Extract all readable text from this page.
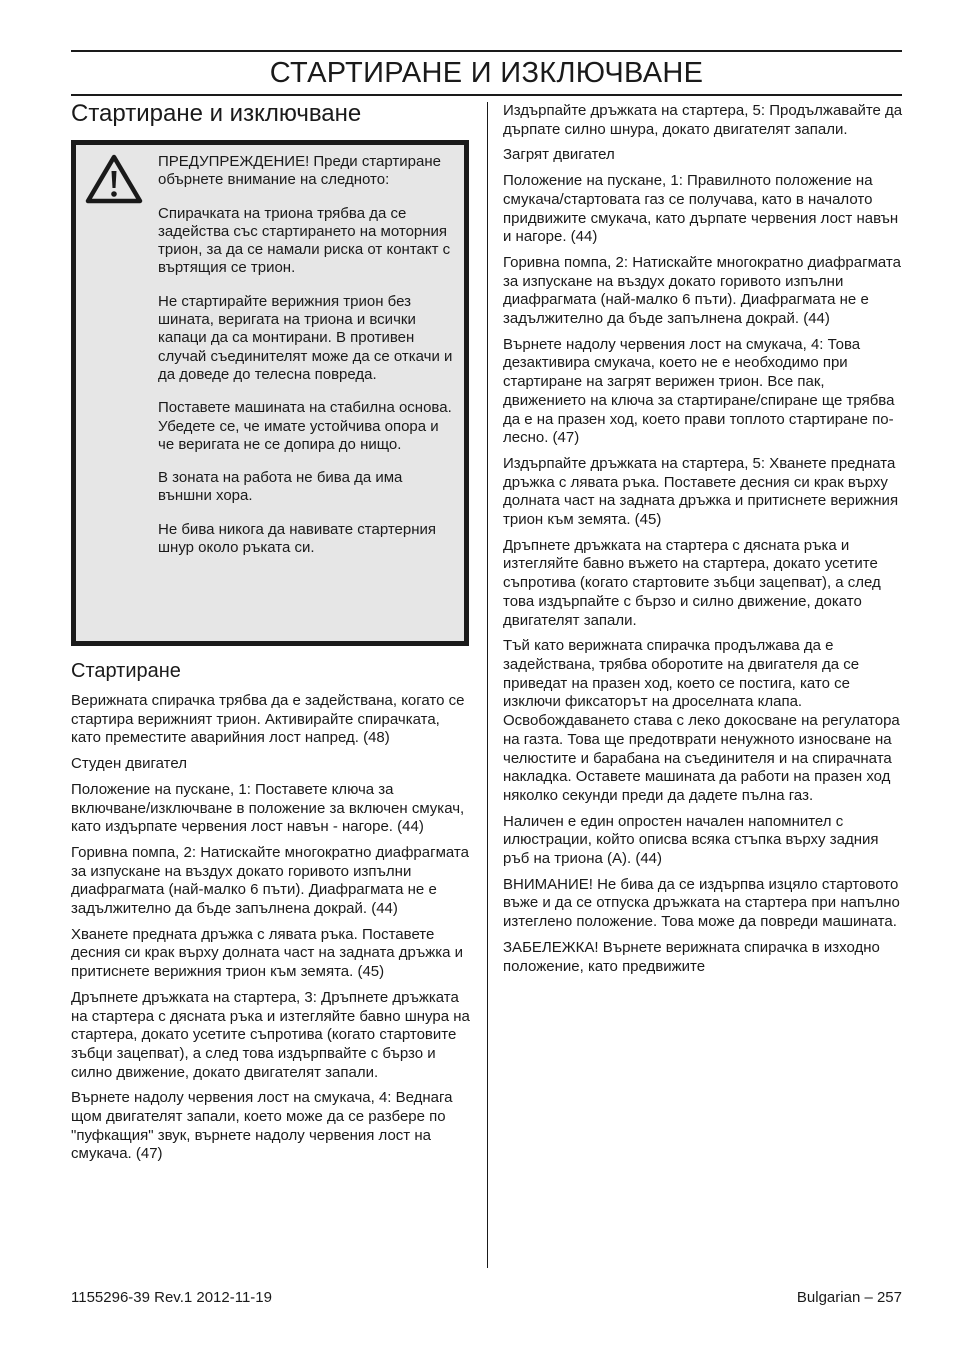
СТАРТИРАНЕ И ИЗКЛЮЧВАНЕ
Стартиране и изключване

ПРЕДУПРЕЖДЕНИЕ! Преди стартиране обърнете внимание на следното:

Спирачката на триона трябва да се задейства със стартирането на моторния трион, за да се намали риска от контакт с въртящия се трион.

Не стартирайте верижния трион без шината, веригата на триона и всички капаци да са монтирани. В противен случай съединителят може да се откачи и да доведе до телесна повреда.

Поставете машината на стабилна основа. Убедете се, че имате устойчива опора и че веригата не се допира до нищо.

В зоната на работа не бива да има външни хора.

Не бива никога да навивате стартерния шнур около ръката си.

Стартиране

Верижната спирачка трябва да е задействана, когато се стартира верижният трион. Активирайте спирачката, като преместите аварийния лост напред. (48)

Студен двигател

Положение на пускане, 1: Поставете ключа за включване/изключване в положение за включен смукач, като издърпате червения лост навън - нагоре. (44)

Горивна помпа, 2: Натискайте многократно диафрагмата за изпускане на въздух докато горивото изпълни диафрагмата (най-малко 6 пъти). Диафрагмата не е задължително да бъде запълнена докрай. (44)

Хванете предната дръжка с лявата ръка. Поставете десния си крак върху долната част на задната дръжка и притиснете верижния трион към земята. (45)

Дръпнете дръжката на стартера, 3: Дръпнете дръжката на стартера с дясната ръка и изтегляйте бавно шнура на стартера, докато усетите съпротива (когато стартовите зъбци зацепват), а след това издърпвайте с бързо и силно движение, докато двигателят запали.

Върнете надолу червения лост на смукача, 4: Веднага щом двигателят запали, което може да се разбере по "пуфкащия" звук, върнете надолу червения лост на смукача. (47)

Издърпайте дръжката на стартера, 5: Продължавайте да дърпате силно шнура, докато двигателят запали.

Загрят двигател

Положение на пускане, 1: Правилното положение на смукача/стартовата газ се получава, като в началото придвижите смукача, като дърпате червения лост навън и нагоре. (44)

Горивна помпа, 2: Натискайте многократно диафрагмата за изпускане на въздух докато горивото изпълни диафрагмата (най-малко 6 пъти). Диафрагмата не е задължително да бъде запълнена докрай. (44)

Върнете надолу червения лост на смукача, 4: Това дезактивира смукача, което не е необходимо при стартиране на загрят верижен трион. Все пак, движението на ключа за стартиране/спиране ще трябва да е на празен ход, което прави топлото стартиране по-лесно. (47)

Издърпайте дръжката на стартера, 5: Хванете предната дръжка с лявата ръка. Поставете десния си крак върху долната част на задната дръжка и притиснете верижния трион към земята. (45)

Дръпнете дръжката на стартера с дясната ръка и изтегляйте бавно въжето на стартера, докато усетите съпротива (когато стартовите зъбци зацепват), а след това издърпайте с бързо и силно движение, докато двигателят запали.

Тъй като верижната спирачка продължава да е задействана, трябва оборотите на двигателя да се приведат на празен ход, което се постига, като се изключи фиксаторът на дроселната клапа. Освобождаването става с леко докосване на регулатора на газта. Това ще предотврати ненужното износване на челюстите и барабана на съединителя и на спирачната накладка. Оставете машината да работи на празен ход няколко секунди преди да дадете пълна газ.

Наличен е един опростен начален напомнител с илюстрации, който описва всяка стъпка върху задния ръб на триона (A). (44)

ВНИМАНИЕ! Не бива да се издърпва изцяло стартовото въже и да се отпуска дръжката на стартера при напълно изтеглено положение. Това може да повреди машината.

ЗАБЕЛЕЖКА! Върнете верижната спирачка в изходно положение, като предвижите

1155296-39 Rev.1 2012-11-19	Bulgarian – 257
